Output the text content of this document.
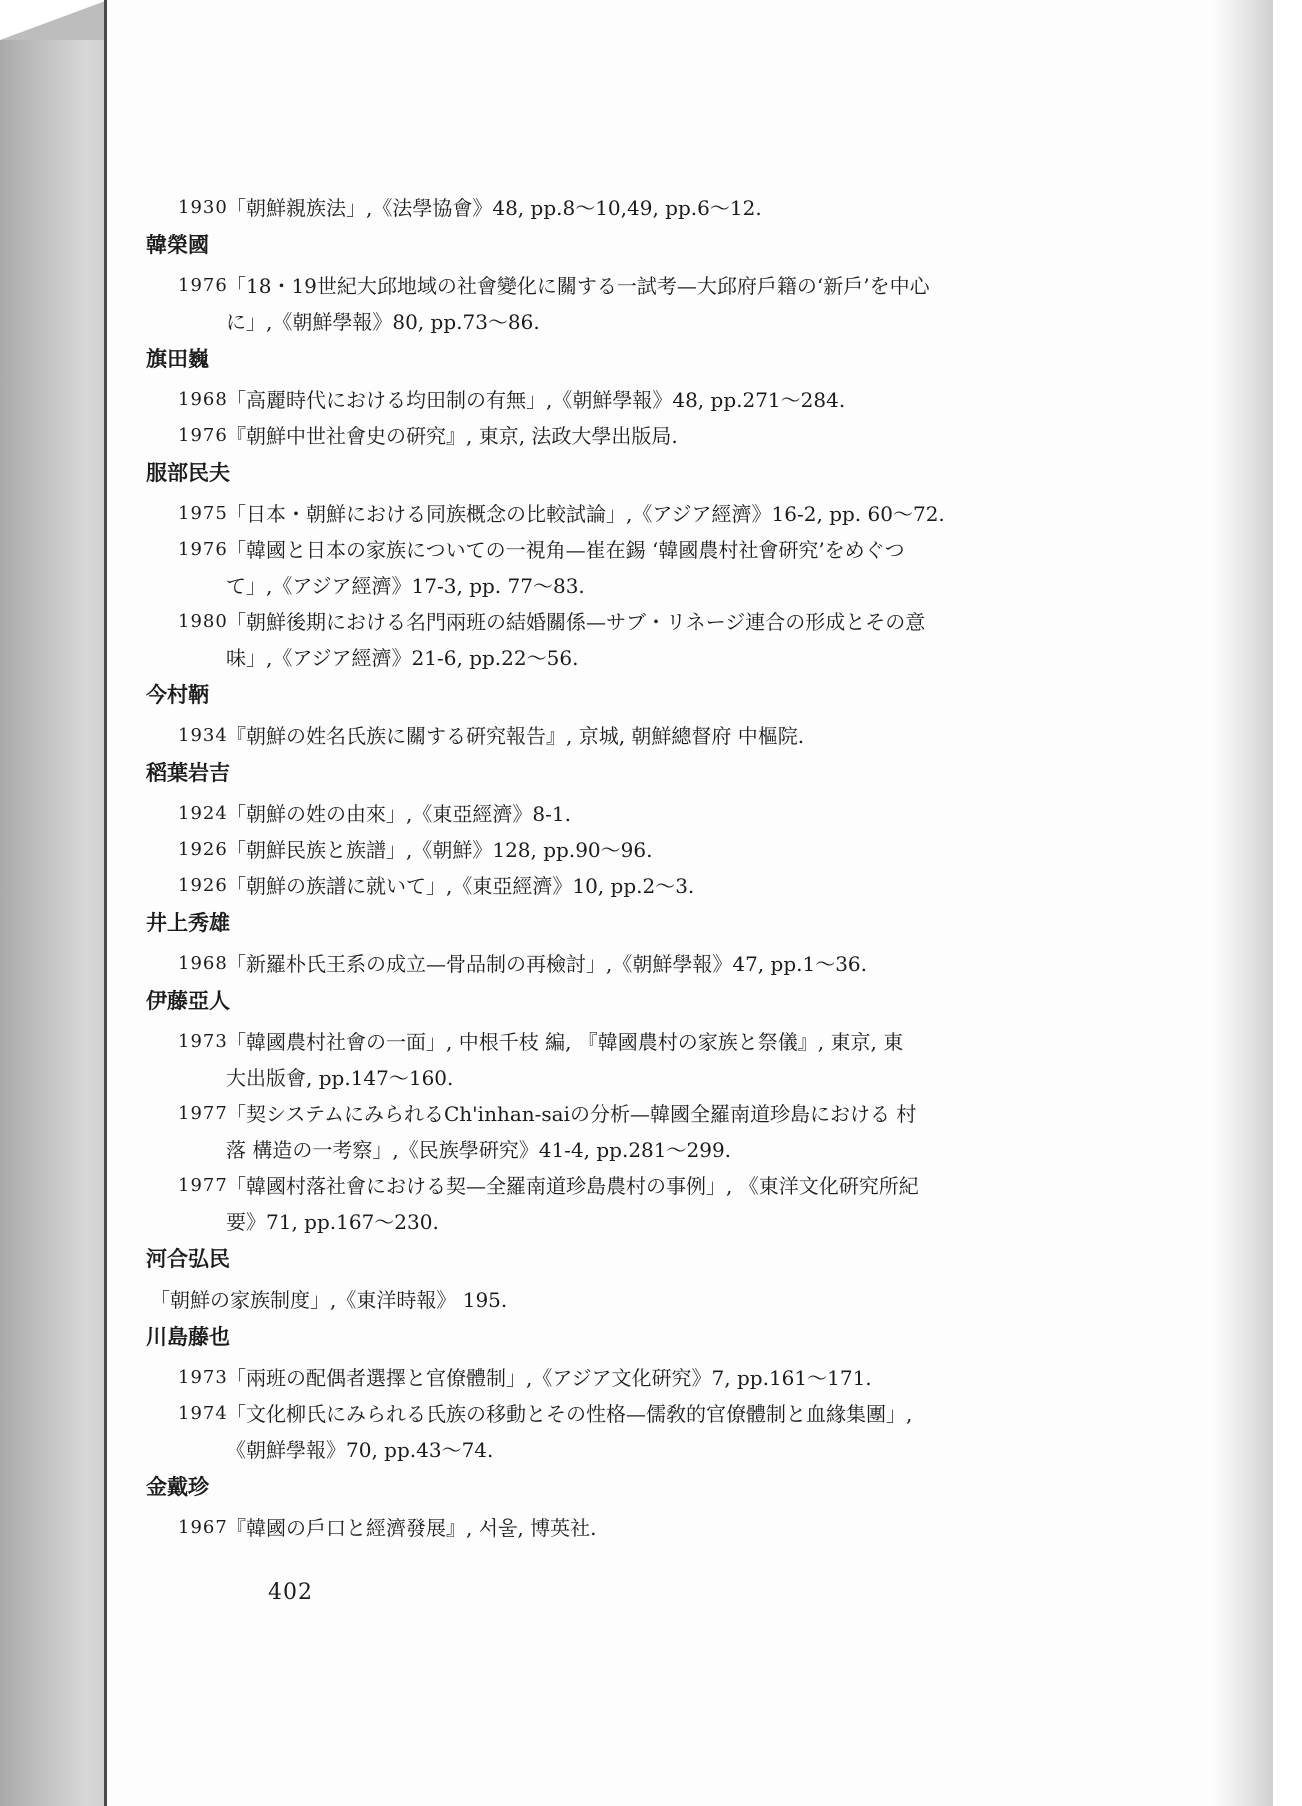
1930
「朝鮮親族法」,《法學協會》48, pp.8～10,49, pp.6～12.
韓榮國
1976
「18・19世紀大邱地域の社會變化に關する一試考—大邱府戶籍の‘新戶’を中心
に」,《朝鮮學報》80, pp.73～86.
旗田巍
1968
「高麗時代における均田制の有無」,《朝鮮學報》48, pp.271～284.
1976
『朝鮮中世社會史の硏究』, 東京, 法政大學出版局.
服部民夫
1975
「日本・朝鮮における同族概念の比較試論」,《アジア經濟》16-2, pp. 60～72.
1976
「韓國と日本の家族についての一視角—崔在錫 ‘韓國農村社會硏究’をめぐつ
て」,《アジア經濟》17-3, pp. 77～83.
1980
「朝鮮後期における名門兩班の結婚關係—サブ・リネージ連合の形成とその意
味」,《アジア經濟》21-6, pp.22～56.
今村鞆
1934
『朝鮮の姓名氏族に關する硏究報告』, 京城, 朝鮮總督府 中樞院.
稻葉岩吉
1924
「朝鮮の姓の由來」,《東亞經濟》8-1.
1926
「朝鮮民族と族譜」,《朝鮮》128, pp.90～96.
1926
「朝鮮の族譜に就いて」,《東亞經濟》10, pp.2～3.
井上秀雄
1968
「新羅朴氏王系の成立—骨品制の再檢討」,《朝鮮學報》47, pp.1～36.
伊藤亞人
1973
「韓國農村社會の一面」, 中根千枝 編, 『韓國農村の家族と祭儀』, 東京, 東
大出版會, pp.147～160.
1977
「契システムにみられるCh'inhan-saiの分析—韓國全羅南道珍島における 村
落 構造の一考察」,《民族學硏究》41-4, pp.281～299.
1977
「韓國村落社會における契—全羅南道珍島農村の事例」, 《東洋文化硏究所紀
要》71, pp.167～230.
河合弘民
「朝鮮の家族制度」,《東洋時報》 195.
川島藤也
1973
「兩班の配偶者選擇と官僚體制」,《アジア文化硏究》7, pp.161～171.
1974
「文化柳氏にみられる氏族の移動とその性格—儒敎的官僚體制と血緣集團」,
《朝鮮學報》70, pp.43～74.
金戴珍
1967
『韓國の戶口と經濟發展』, 서울, 博英社.
402
